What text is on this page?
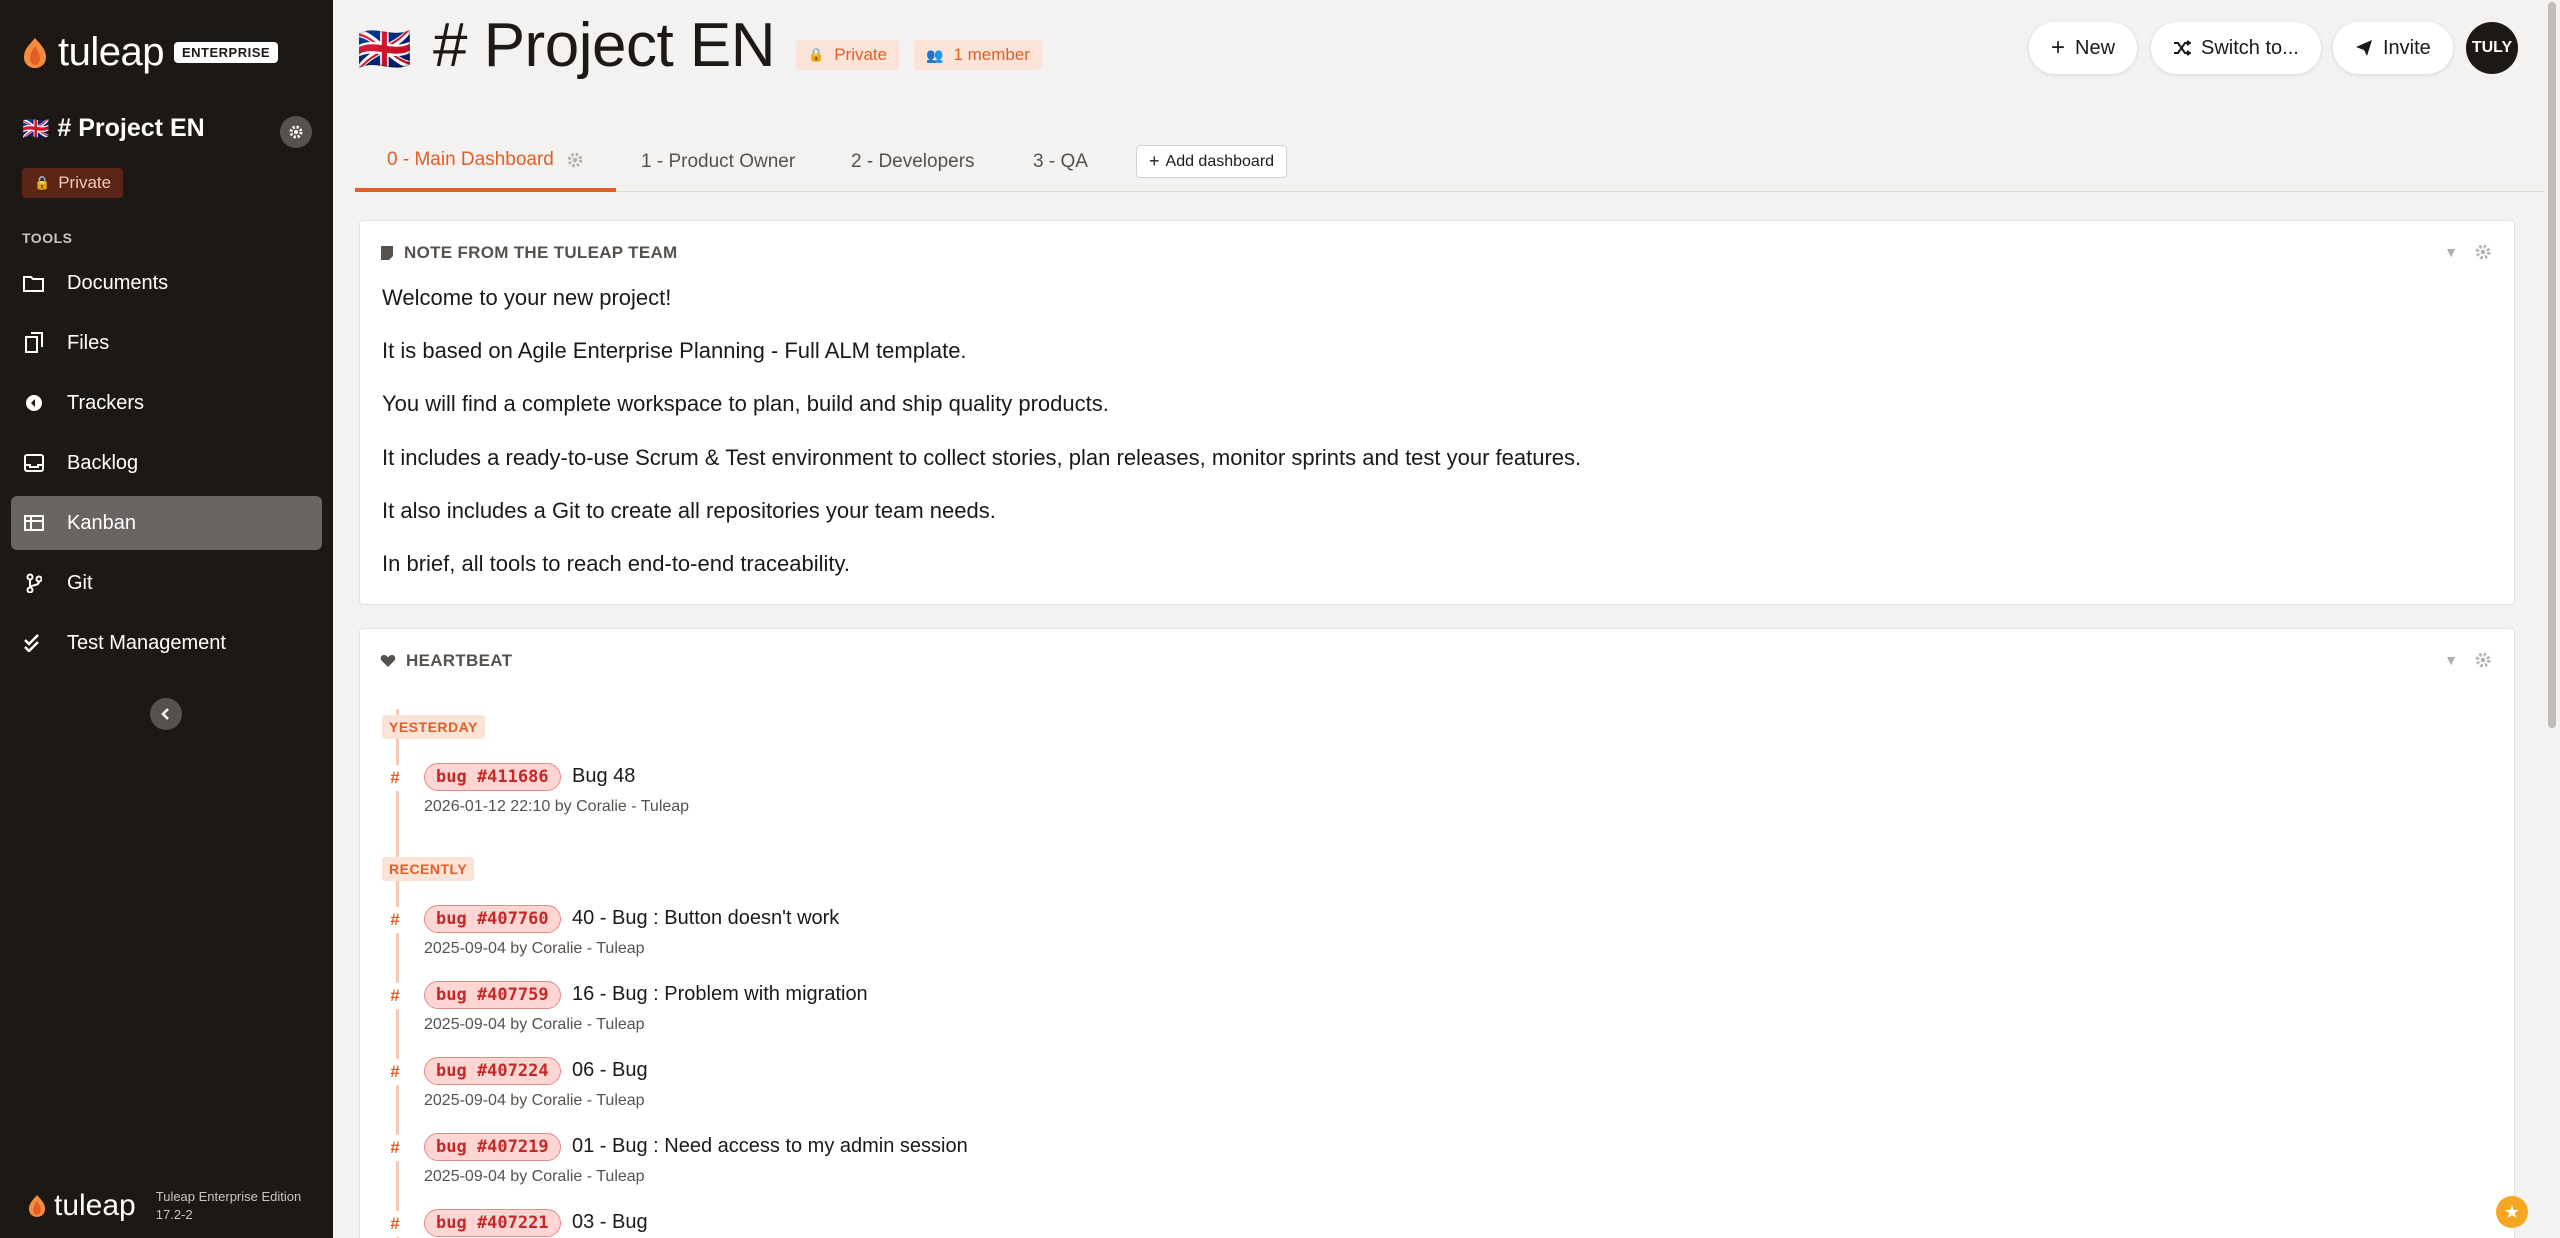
tuleap	ENTERPRISE
🇬🇧 # Project EN
🔒 Private
TOOLS
Documents
Files
Trackers
Backlog
Kanban
Git
Test Management
tuleap Tuleap Enterprise Edition
17.2-2
🇬🇧 # Project EN	🔒 Private	👥 1 member	+ New	Switch to...	Invite	TULY
0 - Main Dashboard	1 - Product Owner	2 - Developers	3 - QA	+ Add dashboard
NOTE FROM THE TULEAP TEAM	▼

Welcome to your new project!

It is based on Agile Enterprise Planning - Full ALM template.

You will find a complete workspace to plan, build and ship quality products.

It includes a ready-to-use Scrum & Test environment to collect stories, plan releases, monitor sprints and test your features.

It also includes a Git to create all repositories your team needs.

In brief, all tools to reach end-to-end traceability.

HEARTBEAT	▼
YESTERDAY
#	bug #411686	Bug 48
2026-01-12 22:10 by Coralie - Tuleap
RECENTLY
#	bug #407760	40 - Bug : Button doesn't work
2025-09-04 by Coralie - Tuleap
#	bug #407759	16 - Bug : Problem with migration
2025-09-04 by Coralie - Tuleap
#	bug #407224	06 - Bug
2025-09-04 by Coralie - Tuleap
#	bug #407219	01 - Bug : Need access to my admin session
2025-09-04 by Coralie - Tuleap
#	bug #407221	03 - Bug	★
